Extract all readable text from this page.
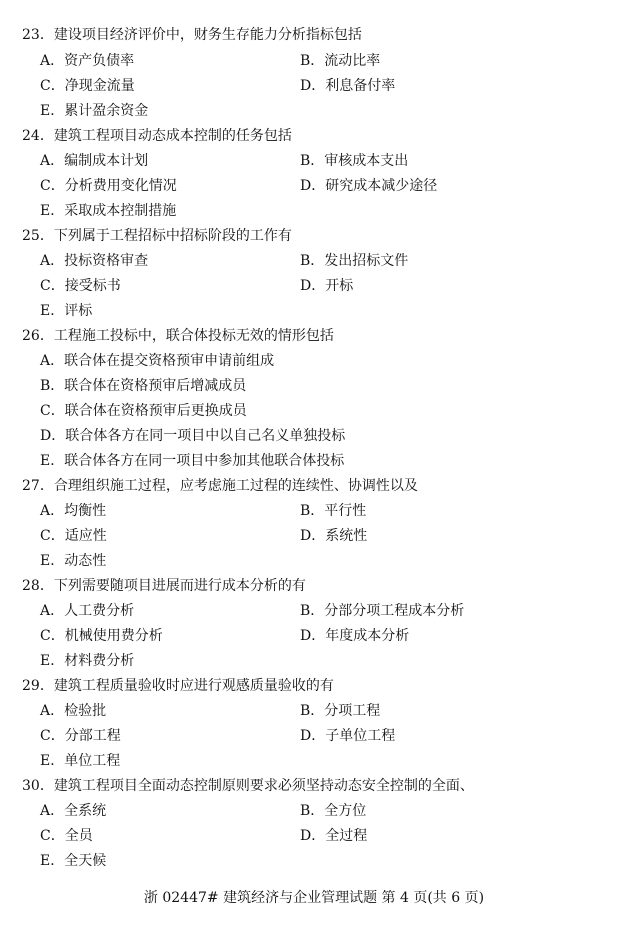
23．建设项目经济评价中，财务生存能力分析指标包括
A．资产负债率	B．流动比率
C．净现金流量	D．利息备付率
E．累计盈余资金
24．建筑工程项目动态成本控制的任务包括
A．编制成本计划	B．审核成本支出
C．分析费用变化情况	D．研究成本减少途径
E．采取成本控制措施
25．下列属于工程招标中招标阶段的工作有
A．投标资格审查	B．发出招标文件
C．接受标书	D．开标
E．评标
26．工程施工投标中，联合体投标无效的情形包括
A．联合体在提交资格预审申请前组成
B．联合体在资格预审后增减成员
C．联合体在资格预审后更换成员
D．联合体各方在同一项目中以自己名义单独投标
E．联合体各方在同一项目中参加其他联合体投标
27．合理组织施工过程，应考虑施工过程的连续性、协调性以及
A．均衡性	B．平行性
C．适应性	D．系统性
E．动态性
28．下列需要随项目进展而进行成本分析的有
A．人工费分析	B．分部分项工程成本分析
C．机械使用费分析	D．年度成本分析
E．材料费分析
29．建筑工程质量验收时应进行观感质量验收的有
A．检验批	B．分项工程
C．分部工程	D．子单位工程
E．单位工程
30．建筑工程项目全面动态控制原则要求必须坚持动态安全控制的全面、
A．全系统	B．全方位
C．全员	D．全过程
E．全天候
浙 02447# 建筑经济与企业管理试题 第 4 页(共 6 页)
